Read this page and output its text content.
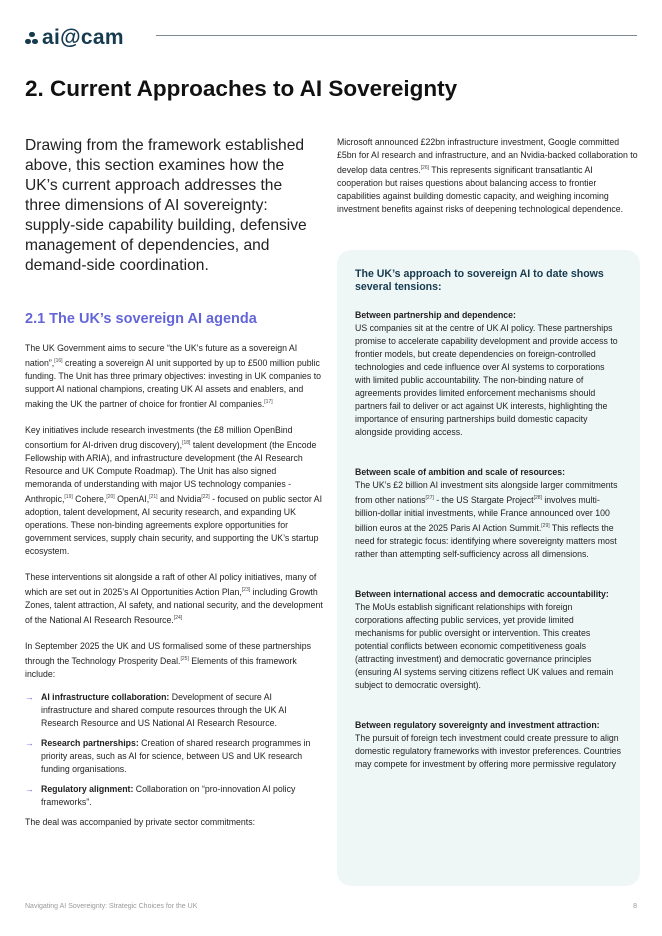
ai@cam
2. Current Approaches to AI Sovereignty

Drawing from the framework established above, this section examines how the UK’s current approach addresses the three dimensions of AI sovereignty: supply-side capability building, defensive management of dependencies, and demand-side coordination.

2.1 The UK’s sovereign AI agenda

The UK Government aims to secure “the UK’s future as a sovereign AI nation”,[16] creating a sovereign AI unit supported by up to £500 million public funding. The Unit has three primary objectives: investing in UK companies to support AI national champions, creating UK AI assets and enablers, and making the UK the partner of choice for frontier AI companies.[17]

Key initiatives include research investments (the £8 million OpenBind consortium for AI-driven drug discovery),[18] talent development (the Encode Fellowship with ARIA), and infrastructure development (the AI Research Resource and UK Compute Roadmap). The Unit has also signed memoranda of understanding with major US technology companies - Anthropic,[19] Cohere,[20] OpenAI,[21] and Nvidia[22] - focused on public sector AI adoption, talent development, AI security research, and expanding UK operations. These non-binding agreements explore opportunities for government services, supply chain security, and supporting the UK’s startup ecosystem.

These interventions sit alongside a raft of other AI policy initiatives, many of which are set out in 2025’s AI Opportunities Action Plan,[23] including Growth Zones, talent attraction, AI safety, and national security, and the development of the National AI Research Resource.[24]

In September 2025 the UK and US formalised some of these partnerships through the Technology Prosperity Deal.[25] Elements of this framework include:

→ AI infrastructure collaboration: Development of secure AI infrastructure and shared compute resources through the UK AI Research Resource and US National AI Research Resource.
→ Research partnerships: Creation of shared research programmes in priority areas, such as AI for science, between US and UK research funding organisations.
→ Regulatory alignment: Collaboration on “pro-innovation AI policy frameworks”.

The deal was accompanied by private sector commitments:

Microsoft announced £22bn infrastructure investment, Google committed £5bn for AI research and infrastructure, and an Nvidia-backed collaboration to develop data centres.[26] This represents significant transatlantic AI cooperation but raises questions about balancing access to frontier capabilities against building domestic capacity, and weighing incoming investment benefits against risks of deepening technological dependence.
The UK’s approach to sovereign AI to date shows several tensions:
Between partnership and dependence:
US companies sit at the centre of UK AI policy. These partnerships promise to accelerate capability development and provide access to frontier models, but create dependencies on foreign-controlled technologies and cede influence over AI systems to corporations with limited public accountability. The non-binding nature of agreements provides limited enforcement mechanisms should partners fail to deliver or act against UK interests, highlighting the importance of ensuring partnerships build domestic capacity alongside providing access.
Between scale of ambition and scale of resources:
The UK’s £2 billion AI investment sits alongside larger commitments from other nations[27] - the US Stargate Project[28] involves multi-billion-dollar initial investments, while France announced over 100 billion euros at the 2025 Paris AI Action Summit.[29] This reflects the need for strategic focus: identifying where sovereignty matters most rather than attempting self-sufficiency across all dimensions.
Between international access and democratic accountability:
The MoUs establish significant relationships with foreign corporations affecting public services, yet provide limited mechanisms for public oversight or intervention. This creates potential conflicts between economic competitiveness goals (attracting investment) and democratic governance principles (ensuring AI systems serving citizens reflect UK values and remain subject to democratic oversight).
Between regulatory sovereignty and investment attraction:
The pursuit of foreign tech investment could create pressure to align domestic regulatory frameworks with investor preferences. Countries may compete for investment by offering more permissive regulatory
Navigating AI Sovereignty: Strategic Choices for the UK	8
